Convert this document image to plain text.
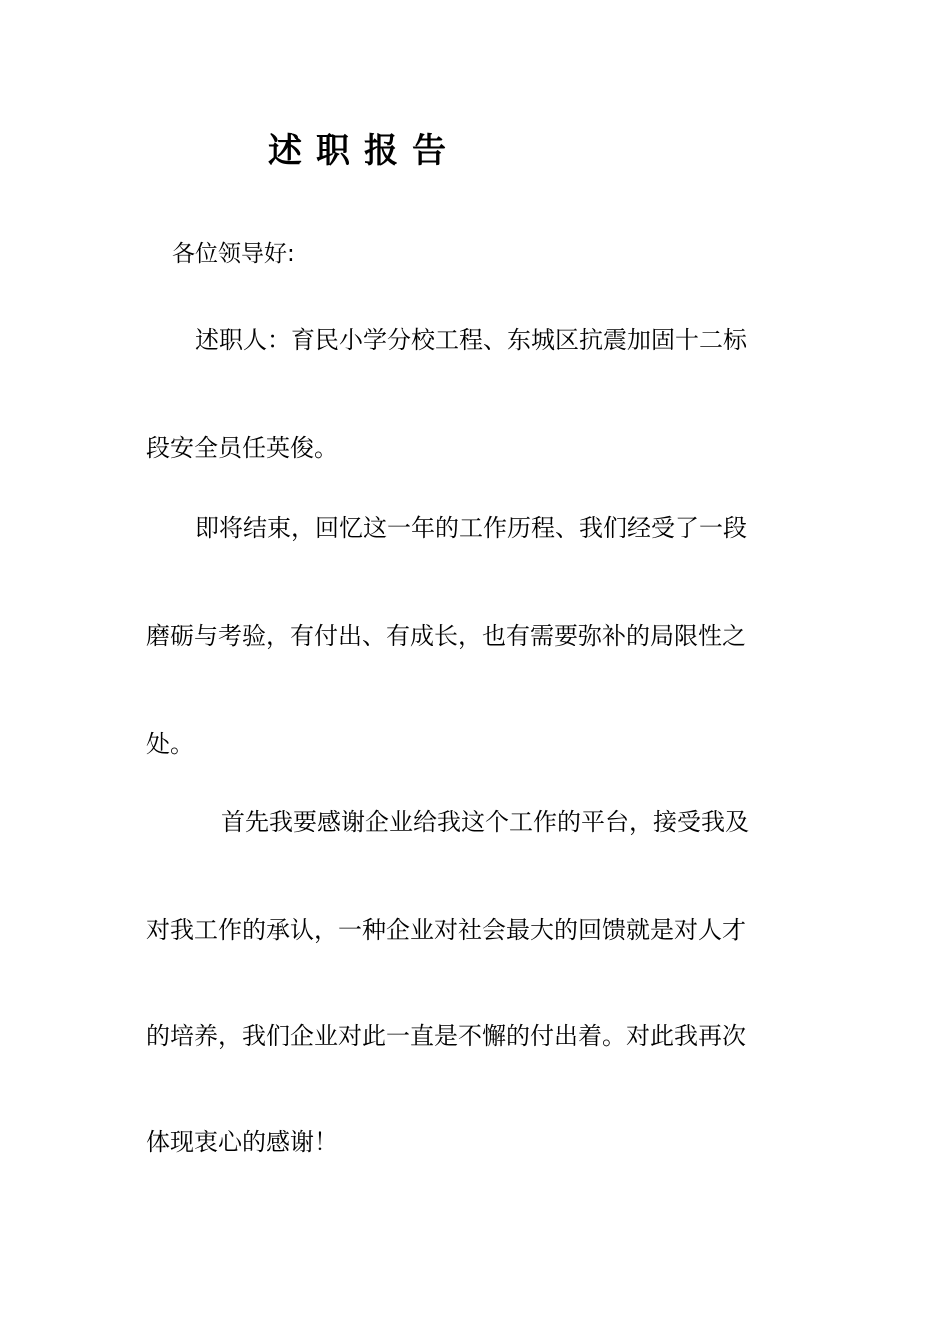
述职报告
各位领导好:
述职人：育民小学分校工程、东城区抗震加固十二标
段安全员任英俊。
即将结束，回忆这一年的工作历程、我们经受了一段
磨砺与考验，有付出、有成长，也有需要弥补的局限性之
处。
首先我要感谢企业给我这个工作的平台，接受我及
对我工作的承认，一种企业对社会最大的回馈就是对人才
的培养，我们企业对此一直是不懈的付出着。对此我再次
体现衷心的感谢！
